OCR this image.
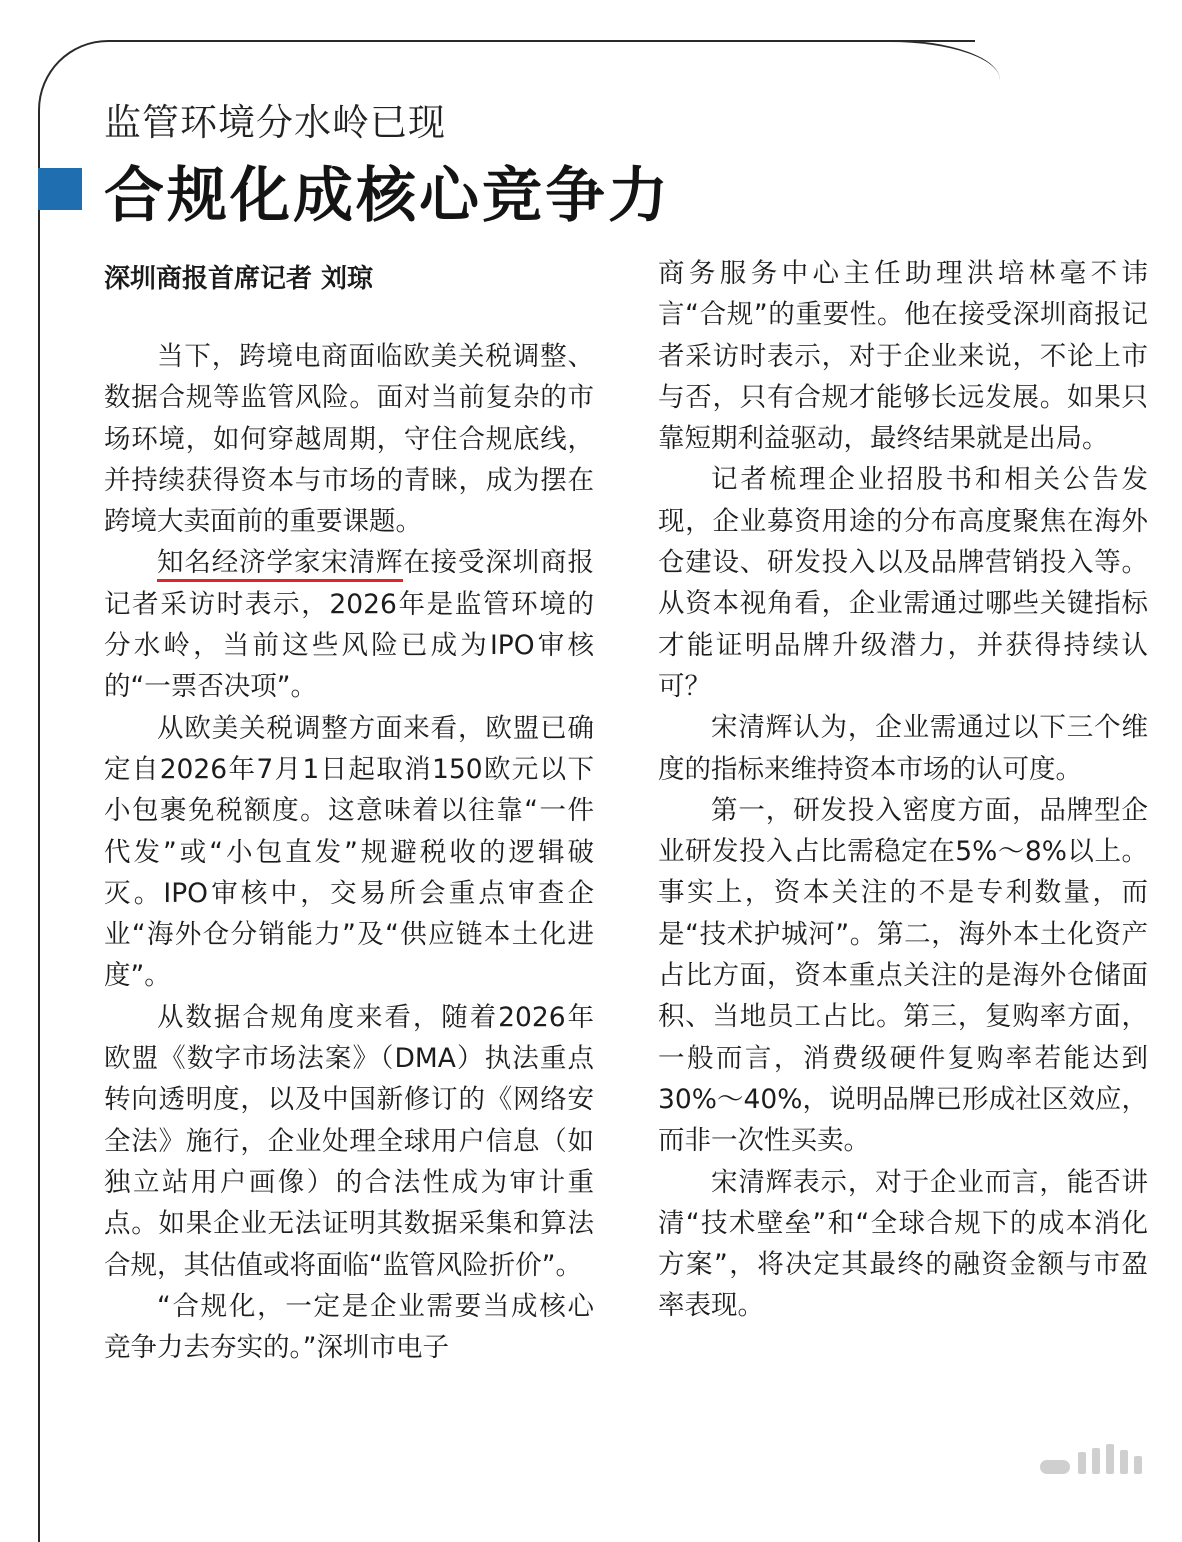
监管环境分水岭已现
合规化成核心竞争力
深圳商报首席记者 刘琼

当下，跨境电商面临欧美关税调整、数据合规等监管风险。面对当前复杂的市场环境，如何穿越周期，守住合规底线，并持续获得资本与市场的青睐，成为摆在跨境大卖面前的重要课题。

知名经济学家宋清辉在接受深圳商报记者采访时表示，2026年是监管环境的分水岭，当前这些风险已成为IPO审核的“一票否决项”。

从欧美关税调整方面来看，欧盟已确定自2026年7月1日起取消150欧元以下小包裹免税额度。这意味着以往靠“一件代发”或“小包直发”规避税收的逻辑破灭。IPO审核中，交易所会重点审查企业“海外仓分销能力”及“供应链本土化进度”。

从数据合规角度来看，随着2026年欧盟《数字市场法案》（DMA）执法重点转向透明度，以及中国新修订的《网络安全法》施行，企业处理全球用户信息（如独立站用户画像）的合法性成为审计重点。如果企业无法证明其数据采集和算法合规，其估值或将面临“监管风险折价”。

“合规化，一定是企业需要当成核心竞争力去夯实的。”深圳市电子

商务服务中心主任助理洪培林毫不讳言“合规”的重要性。他在接受深圳商报记者采访时表示，对于企业来说，不论上市与否，只有合规才能够长远发展。如果只靠短期利益驱动，最终结果就是出局。

记者梳理企业招股书和相关公告发现，企业募资用途的分布高度聚焦在海外仓建设、研发投入以及品牌营销投入等。从资本视角看，企业需通过哪些关键指标才能证明品牌升级潜力，并获得持续认可？

宋清辉认为，企业需通过以下三个维度的指标来维持资本市场的认可度。

第一，研发投入密度方面，品牌型企业研发投入占比需稳定在5%～8%以上。事实上，资本关注的不是专利数量，而是“技术护城河”。第二，海外本土化资产占比方面，资本重点关注的是海外仓储面积、当地员工占比。第三，复购率方面，一般而言，消费级硬件复购率若能达到30%～40%，说明品牌已形成社区效应，而非一次性买卖。

宋清辉表示，对于企业而言，能否讲清“技术壁垒”和“全球合规下的成本消化方案”，将决定其最终的融资金额与市盈率表现。
